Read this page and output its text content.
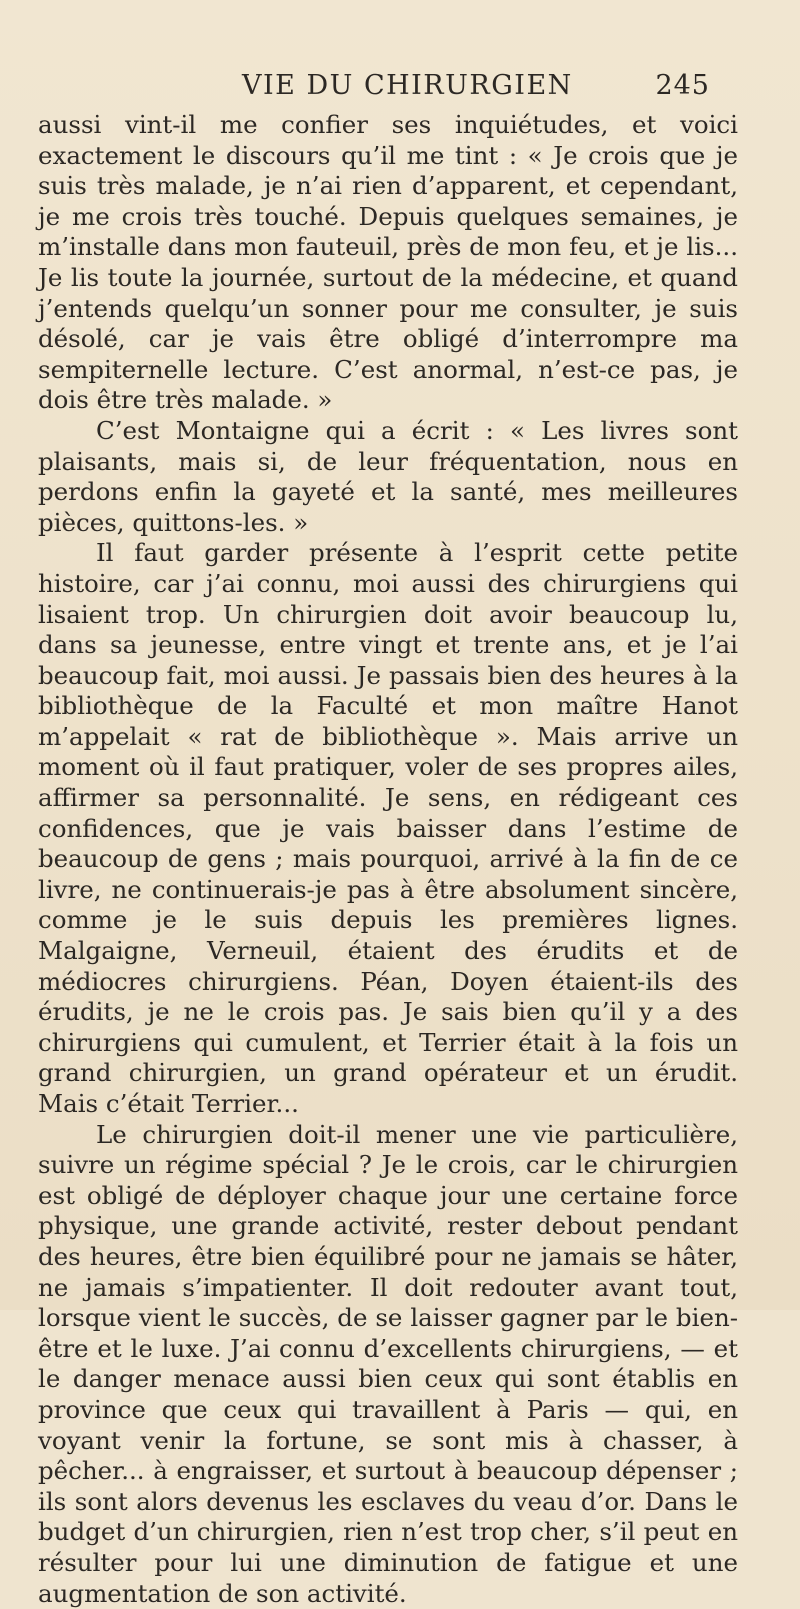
VIE DU CHIRURGIEN	245

aussi vint-il me confier ses inquiétudes, et voici exactement le discours qu’il me tint : « Je crois que je suis très malade, je n’ai rien d’apparent, et cependant, je me crois très touché. Depuis quelques semaines, je m’installe dans mon fauteuil, près de mon feu, et je lis... Je lis toute la journée, surtout de la médecine, et quand j’entends quelqu’un sonner pour me consulter, je suis désolé, car je vais être obligé d’interrompre ma sempiternelle lecture. C’est anormal, n’est-ce pas, je dois être très malade. »

C’est Montaigne qui a écrit : « Les livres sont plaisants, mais si, de leur fréquentation, nous en perdons enfin la gayeté et la santé, mes meilleures pièces, quittons-les. »

Il faut garder présente à l’esprit cette petite histoire, car j’ai connu, moi aussi des chirurgiens qui lisaient trop. Un chirurgien doit avoir beaucoup lu, dans sa jeunesse, entre vingt et trente ans, et je l’ai beaucoup fait, moi aussi. Je passais bien des heures à la bibliothèque de la Faculté et mon maître Hanot m’appelait « rat de bibliothèque ». Mais arrive un moment où il faut pratiquer, voler de ses propres ailes, affirmer sa personnalité. Je sens, en rédigeant ces confidences, que je vais baisser dans l’estime de beaucoup de gens ; mais pourquoi, arrivé à la fin de ce livre, ne continuerais-je pas à être absolument sincère, comme je le suis depuis les premières lignes. Malgaigne, Verneuil, étaient des érudits et de médiocres chirurgiens. Péan, Doyen étaient-ils des érudits, je ne le crois pas. Je sais bien qu’il y a des chirurgiens qui cumulent, et Terrier était à la fois un grand chirurgien, un grand opérateur et un érudit. Mais c’était Terrier...

Le chirurgien doit-il mener une vie particulière, suivre un régime spécial ? Je le crois, car le chirurgien est obligé de déployer chaque jour une certaine force physique, une grande activité, rester debout pendant des heures, être bien équilibré pour ne jamais se hâter, ne jamais s’impatienter. Il doit redouter avant tout, lorsque vient le succès, de se laisser gagner par le bien-être et le luxe. J’ai connu d’excellents chirurgiens, — et le danger menace aussi bien ceux qui sont établis en province que ceux qui travaillent à Paris — qui, en voyant venir la fortune, se sont mis à chasser, à pêcher... à engraisser, et surtout à beaucoup dépenser ; ils sont alors devenus les esclaves du veau d’or. Dans le budget d’un chirurgien, rien n’est trop cher, s’il peut en résulter pour lui une diminution de fatigue et une augmentation de son activité.
